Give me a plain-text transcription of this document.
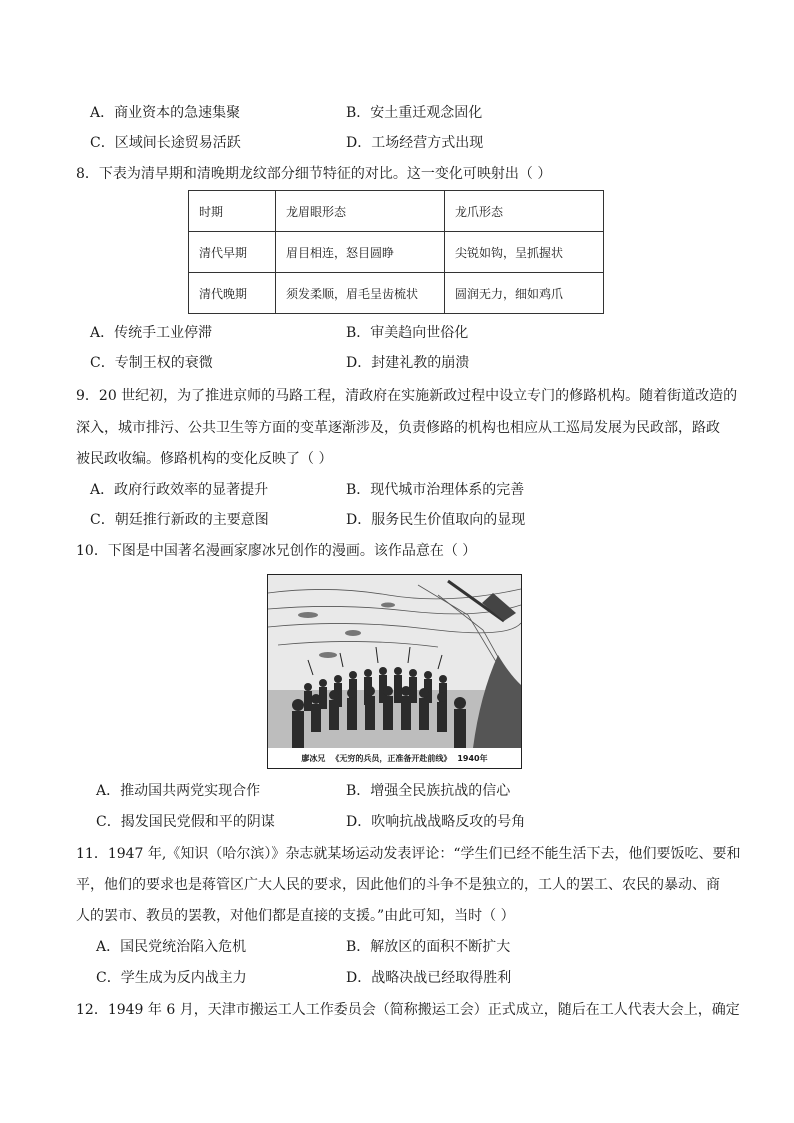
A．商业资本的急速集聚	B．安土重迁观念固化
C．区域间长途贸易活跃	D．工场经营方式出现
8．下表为清早期和清晚期龙纹部分细节特征的对比。这一变化可映射出（ ）
时期	龙眉眼形态	龙爪形态
清代早期	眉目相连，怒目圆睁	尖锐如钩，呈抓握状
清代晚期	须发柔顺，眉毛呈齿梳状	圆润无力，细如鸡爪
A．传统手工业停滞	B．审美趋向世俗化
C．专制王权的衰微	D．封建礼教的崩溃
9．20 世纪初，为了推进京师的马路工程，清政府在实施新政过程中设立专门的修路机构。随着街道改造的
深入，城市排污、公共卫生等方面的变革逐渐涉及，负责修路的机构也相应从工巡局发展为民政部，路政
被民政收编。修路机构的变化反映了（ ）
A．政府行政效率的显著提升	B．现代城市治理体系的完善
C．朝廷推行新政的主要意图	D．服务民生价值取向的显现
10．下图是中国著名漫画家廖冰兄创作的漫画。该作品意在（ ）
廖冰兄 《无穷的兵员，正准备开赴前线》 1940年
A．推动国共两党实现合作	B．增强全民族抗战的信心
C．揭发国民党假和平的阴谋	D．吹响抗战战略反攻的号角
11．1947 年,《知识（哈尔滨）》杂志就某场运动发表评论：“学生们已经不能生活下去，他们要饭吃、要和
平，他们的要求也是蒋管区广大人民的要求，因此他们的斗争不是独立的，工人的罢工、农民的暴动、商
人的罢市、教员的罢教，对他们都是直接的支援。”由此可知，当时（ ）
A．国民党统治陷入危机	B．解放区的面积不断扩大
C．学生成为反内战主力	D．战略决战已经取得胜利
12．1949 年 6 月，天津市搬运工人工作委员会（简称搬运工会）正式成立，随后在工人代表大会上，确定
